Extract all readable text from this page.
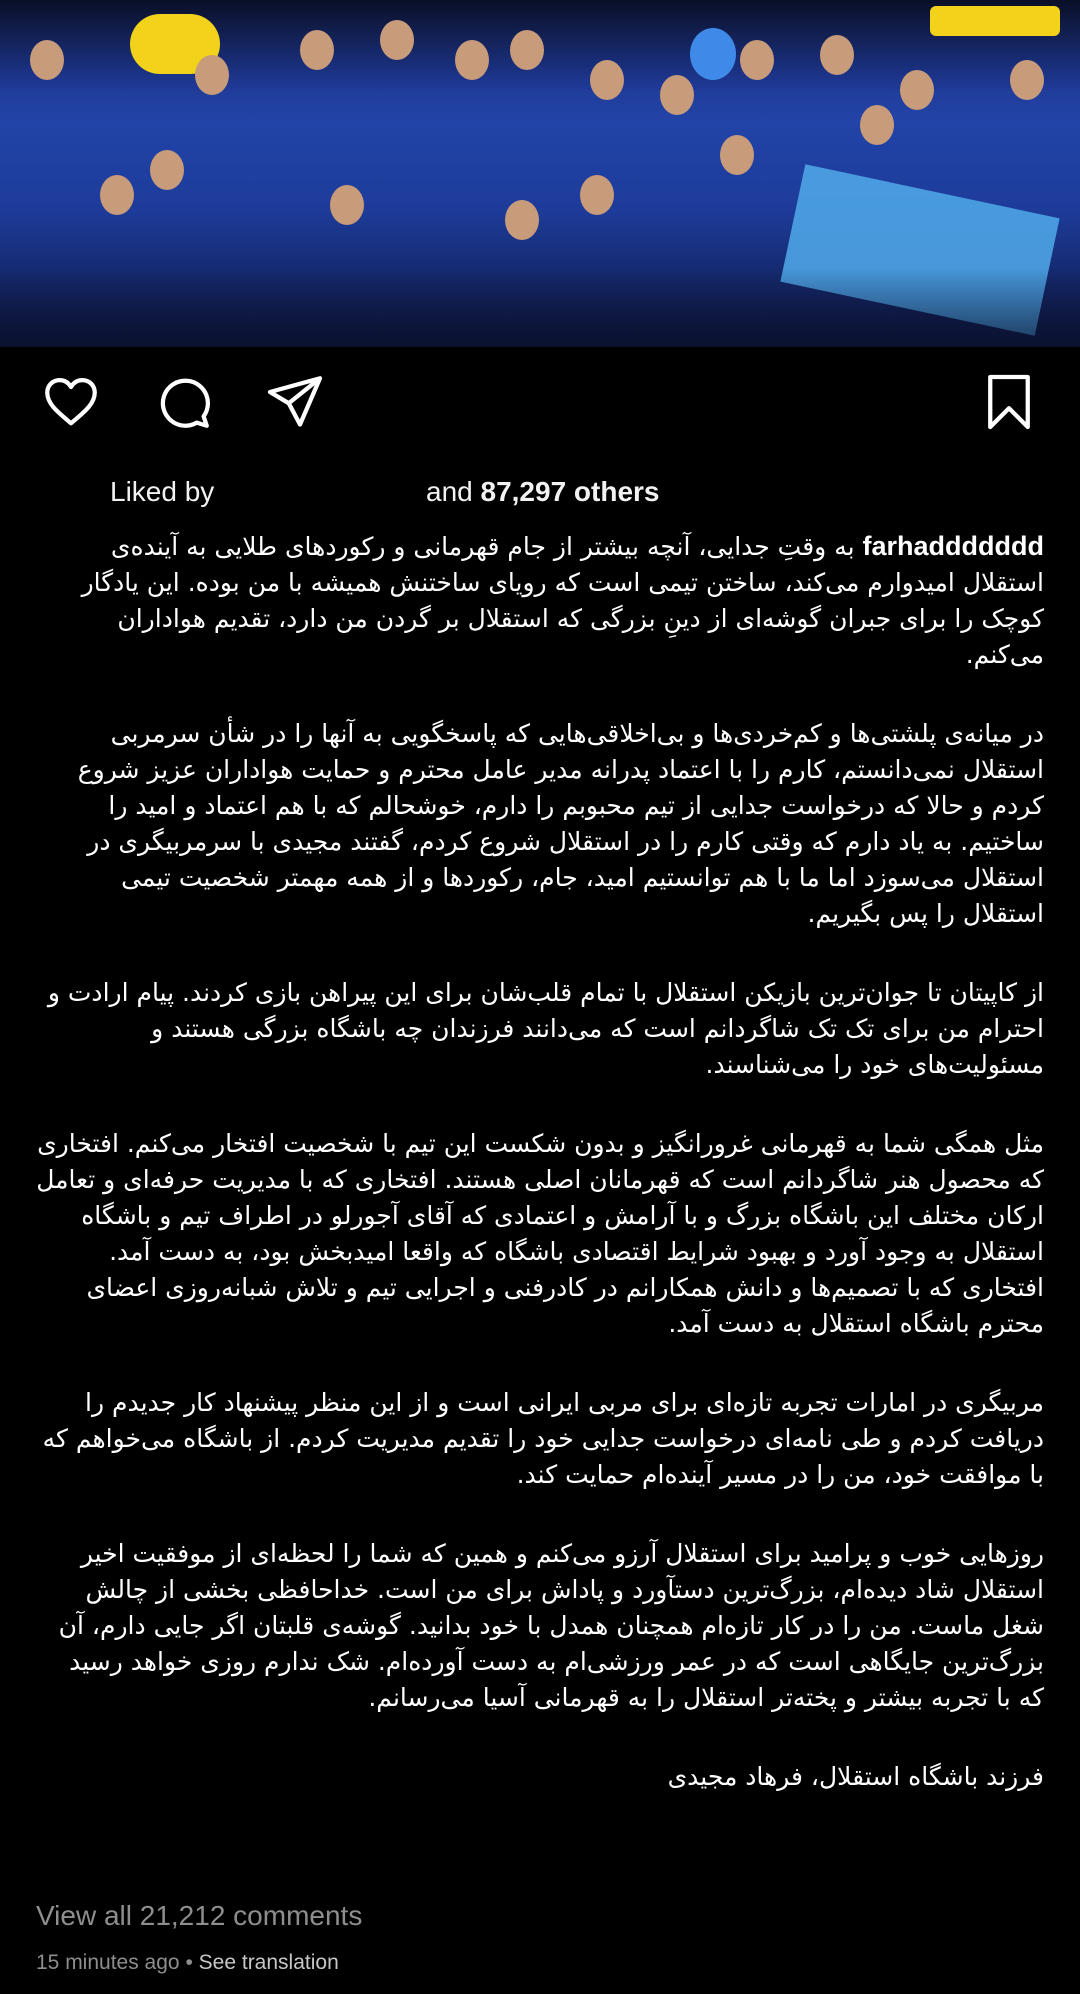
Liked by	and 87,297 others

farhaddddddd به وقتِ جدایی، آنچه بیشتر از جام قهرمانی و رکوردهای طلایی به آینده‌ی استقلال امیدوارم می‌کند، ساختن تیمی است که رویای ساختنش همیشه با من بوده. این یادگار کوچک را برای جبران گوشه‌ای از دینِ بزرگی که استقلال بر گردن من دارد، تقدیم هواداران می‌کنم.

در میانه‌ی پلشتی‌ها و کم‌خردی‌ها و بی‌اخلاقی‌هایی که پاسخگویی به آنها را در شأن سرمربی استقلال نمی‌دانستم، کارم را با اعتماد پدرانه مدیر عامل محترم و حمایت هواداران عزیز شروع کردم و حالا که درخواست جدایی از تیم محبوبم را دارم، خوشحالم که با هم اعتماد و امید را ساختیم. به یاد دارم که وقتی کارم را در استقلال شروع کردم، گفتند مجیدی با سرمربیگری در استقلال می‌سوزد اما ما با هم توانستیم امید، جام، رکوردها و از همه مهمتر شخصیت تیمی استقلال را پس بگیریم.

از کاپیتان تا جوان‌ترین بازیکن استقلال با تمام قلب‌شان برای این پیراهن بازی کردند. پیام ارادت و احترام من برای تک تک شاگردانم است که می‌دانند فرزندان چه باشگاه بزرگی هستند و مسئولیت‌های خود را می‌شناسند.

مثل همگی شما به قهرمانی غرورانگیز و بدون شکست این تیم با شخصیت افتخار می‌کنم. افتخاری که محصول هنر شاگردانم است که قهرمانان اصلی هستند. افتخاری که با مدیریت حرفه‌ای و تعامل ارکان مختلف این باشگاه بزرگ و با آرامش و اعتمادی که آقای آجورلو در اطراف تیم و باشگاه استقلال به وجود آورد و بهبود شرایط اقتصادی باشگاه که واقعا امیدبخش بود، به دست آمد. افتخاری که با تصمیم‌ها و دانش همکارانم در کادرفنی و اجرایی تیم و تلاش شبانه‌روزی اعضای محترم باشگاه استقلال به دست آمد.

مربیگری در امارات تجربه تازه‌ای برای مربی ایرانی است و از این منظر پیشنهاد کار جدیدم را دریافت کردم و طی نامه‌ای درخواست جدایی خود را تقدیم مدیریت کردم. از باشگاه می‌خواهم که با موافقت خود، من را در مسیر آینده‌ام حمایت کند.

روزهایی خوب و پرامید برای استقلال آرزو می‌کنم و همین که شما را لحظه‌ای از موفقیت اخیر استقلال شاد دیده‌ام، بزرگ‌ترین دستآورد و پاداش برای من است. خداحافظی بخشی از چالش شغل ماست. من را در کار تازه‌ام همچنان همدل با خود بدانید. گوشه‌ی قلبتان اگر جایی دارم، آن بزرگ‌ترین جایگاهی است که در عمر ورزشی‌ام به دست آورده‌ام. شک ندارم روزی خواهد رسید که با تجربه بیشتر و پخته‌تر استقلال را به قهرمانی آسیا می‌رسانم.

فرزند باشگاه استقلال، فرهاد مجیدی

View all 21,212 comments
15 minutes ago • See translation
